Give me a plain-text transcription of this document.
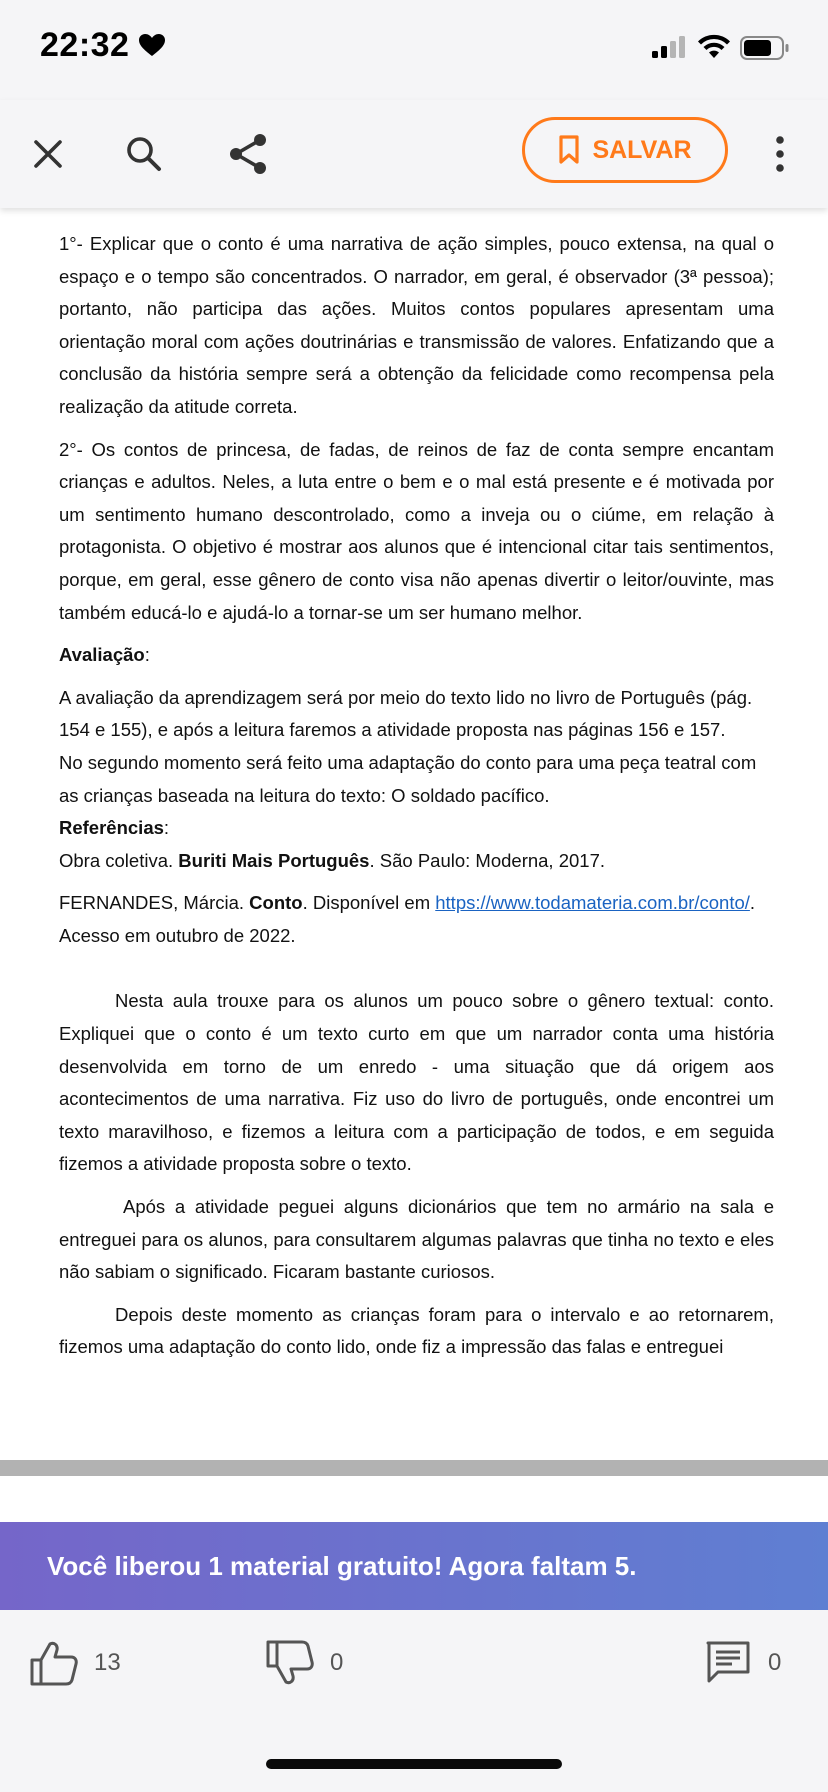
22:32
SALVAR

1°- Explicar que o conto é uma narrativa de ação simples, pouco extensa, na qual o espaço e o tempo são concentrados. O narrador, em geral, é observador (3ª pessoa); portanto, não participa das ações. Muitos contos populares apresentam uma orientação moral com ações doutrinárias e transmissão de valores. Enfatizando que a conclusão da história sempre será a obtenção da felicidade como recompensa pela realização da atitude correta.

2°- Os contos de princesa, de fadas, de reinos de faz de conta sempre encantam crianças e adultos. Neles, a luta entre o bem e o mal está presente e é motivada por um sentimento humano descontrolado, como a inveja ou o ciúme, em relação à protagonista. O objetivo é mostrar aos alunos que é intencional citar tais sentimentos, porque, em geral, esse gênero de conto visa não apenas divertir o leitor/ouvinte, mas também educá-lo e ajudá-lo a tornar-se um ser humano melhor.

Avaliação:

A avaliação da aprendizagem será por meio do texto lido no livro de Português (pág. 154 e 155), e após a leitura faremos a atividade proposta nas páginas 156 e 157.

No segundo momento será feito uma adaptação do conto para uma peça teatral com as crianças baseada na leitura do texto: O soldado pacífico.

Referências:

Obra coletiva. Buriti Mais Português. São Paulo: Moderna, 2017.

FERNANDES, Márcia. Conto. Disponível em https://www.todamateria.com.br/conto/. Acesso em outubro de 2022.

Nesta aula trouxe para os alunos um pouco sobre o gênero textual: conto. Expliquei que o conto é um texto curto em que um narrador conta uma história desenvolvida em torno de um enredo - uma situação que dá origem aos acontecimentos de uma narrativa. Fiz uso do livro de português, onde encontrei um texto maravilhoso, e fizemos a leitura com a participação de todos, e em seguida fizemos a atividade proposta sobre o texto.

Após a atividade peguei alguns dicionários que tem no armário na sala e entreguei para os alunos, para consultarem algumas palavras que tinha no texto e eles não sabiam o significado. Ficaram bastante curiosos.

Depois deste momento as crianças foram para o intervalo e ao retornarem, fizemos uma adaptação do conto lido, onde fiz a impressão das falas e entreguei

Você liberou 1 material gratuito! Agora faltam 5.
13	0	0
